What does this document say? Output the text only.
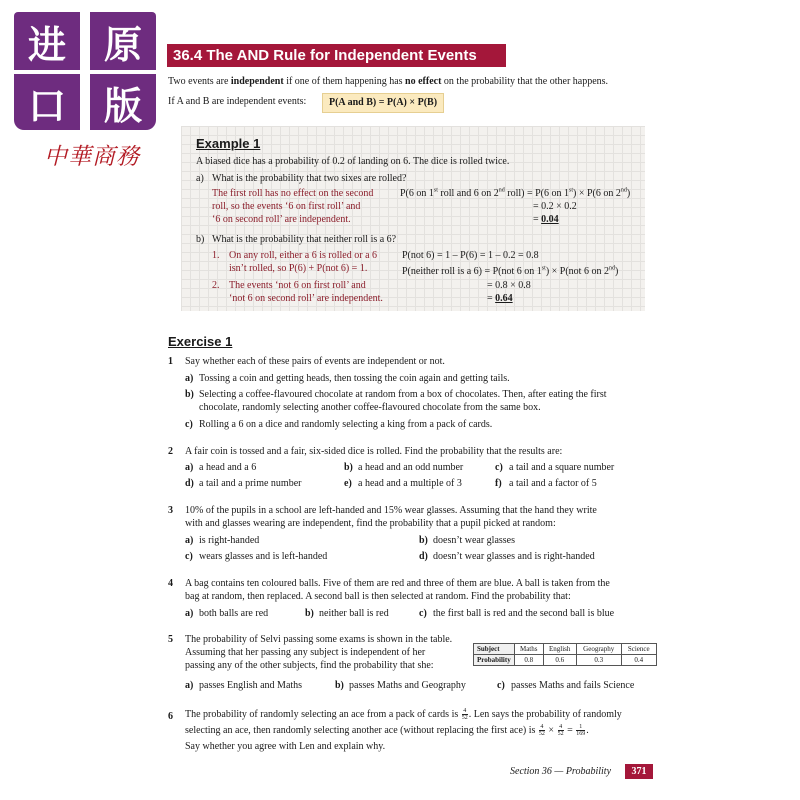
进 原
口 版
中華商務
36.4 The AND Rule for Independent Events
Two events are independent if one of them happening has no effect on the probability that the other happens.
If A and B are independent events:	P(A and B) = P(A) × P(B)
Example 1
A biased dice has a probability of 0.2 of landing on 6. The dice is rolled twice.
a) What is the probability that two sixes are rolled?
The first roll has no effect on the second
roll, so the events ‘6 on first roll’ and
‘6 on second roll’ are independent.
P(6 on 1st roll and 6 on 2nd roll) = P(6 on 1st) × P(6 on 2nd)
= 0.2 × 0.2
= 0.04
b) What is the probability that neither roll is a 6?
1. On any roll, either a 6 is rolled or a 6
isn’t rolled, so P(6) + P(not 6) = 1.
2. The events ‘not 6 on first roll’ and
‘not 6 on second roll’ are independent.
P(not 6) = 1 – P(6) = 1 – 0.2 = 0.8
P(neither roll is a 6) = P(not 6 on 1st) × P(not 6 on 2nd)
= 0.8 × 0.8
= 0.64
Exercise 1
1 Say whether each of these pairs of events are independent or not.
a) Tossing a coin and getting heads, then tossing the coin again and getting tails.
b) Selecting a coffee-flavoured chocolate at random from a box of chocolates. Then, after eating the first
chocolate, randomly selecting another coffee-flavoured chocolate from the same box.
c) Rolling a 6 on a dice and randomly selecting a king from a pack of cards.
2 A fair coin is tossed and a fair, six-sided dice is rolled. Find the probability that the results are:
a) a head and a 6	b) a head and an odd number	c) a tail and a square number
d) a tail and a prime number	e) a head and a multiple of 3	f) a tail and a factor of 5
3 10% of the pupils in a school are left-handed and 15% wear glasses. Assuming that the hand they write
with and glasses wearing are independent, find the probability that a pupil picked at random:
a) is right-handed	b) doesn’t wear glasses
c) wears glasses and is left-handed	d) doesn’t wear glasses and is right-handed
4 A bag contains ten coloured balls. Five of them are red and three of them are blue. A ball is taken from the
bag at random, then replaced. A second ball is then selected at random. Find the probability that:
a) both balls are red	b) neither ball is red	c) the first ball is red and the second ball is blue
5 The probability of Selvi passing some exams is shown in the table.
Assuming that her passing any subject is independent of her
passing any of the other subjects, find the probability that she:
Subject	Maths	English	Geography	Science
Probability	0.8	0.6	0.3	0.4
a) passes English and Maths	b) passes Maths and Geography	c) passes Maths and fails Science
6 The probability of randomly selecting an ace from a pack of cards is $\frac{4}{52}$ . Len says the probability of randomly
selecting an ace, then randomly selecting another ace (without replacing the first ace) is $\frac{4}{52} \times \frac{4}{52} = \frac{1}{169}$ .
Say whether you agree with Len and explain why.
Section 36 — Probability	371
